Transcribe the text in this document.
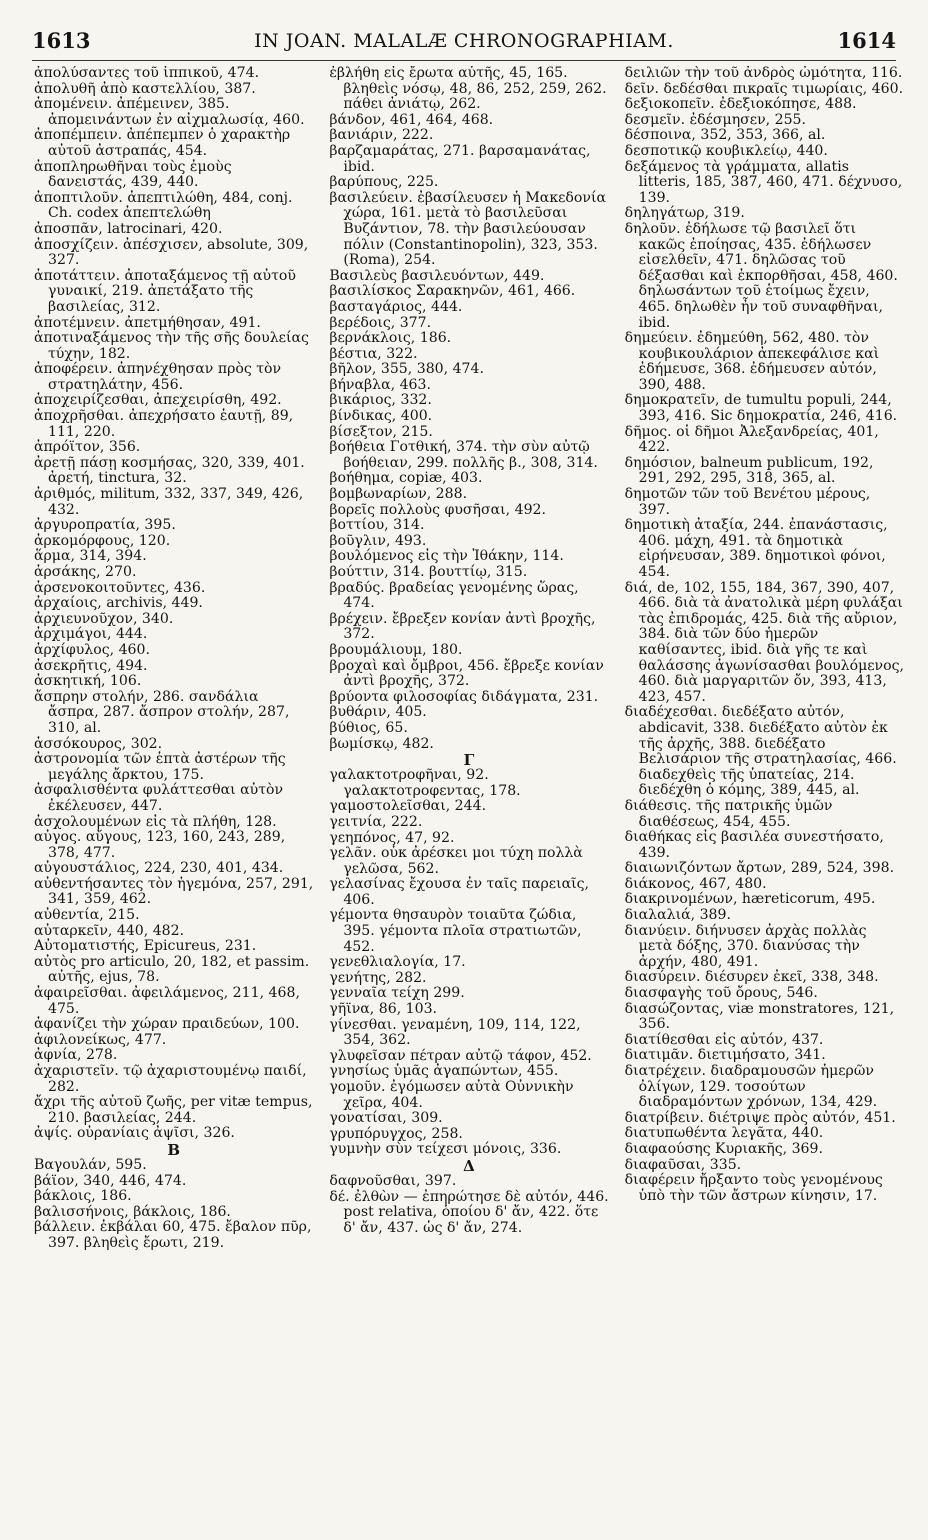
1613	IN JOAN. MALALÆ CHRONOGRAPHIAM.	1614
ἀπολύσαντες τοῦ ἱππικοῦ, 474.
ἀπολυθῆ ἀπὸ καστελλίου, 387.
ἀπομένειν. ἀπέμεινεν, 385. ἀπομεινάντων ἐν αἰχμαλωσίᾳ, 460.
ἀποπέμπειν. ἀπέπεμπεν ὁ χαρακτὴρ αὐτοῦ ἀστραπάς, 454.
ἀποπληρωθῆναι τοὺς ἐμοὺς δανειστάς, 439, 440.
ἀποπτιλοῦν. ἀπεπτιλώθη, 484, conj. Ch. codex ἀπεπτελώθη
ἀποσπᾶν, latrocinari, 420.
ἀποσχίζειν. ἀπέσχισεν, absolute, 309, 327.
ἀποτάττειν. ἀποταξάμενος τῇ αὐτοῦ γυναικί, 219. ἀπετάξατο τῆς βασιλείας, 312.
ἀποτέμνειν. ἀπετμήθησαν, 491.
ἀποτιναξάμενος τὴν τῆς σῆς δουλείας τύχην, 182.
ἀποφέρειν. ἀπηνέχθησαν πρὸς τὸν στρατηλάτην, 456.
ἀποχειρίζεσθαι, ἀπεχειρίσθη, 492.
ἀποχρῆσθαι. ἀπεχρήσατο ἑαυτῇ, 89, 111, 220.
ἀπρόϊτον, 356.
ἀρετῇ πάσῃ κοσμήσας, 320, 339, 401. ἀρετή, tinctura, 32.
ἀριθμός, militum, 332, 337, 349, 426, 432.
ἀργυροπρατία, 395.
ἀρκομόρφους, 120.
ἅρμα, 314, 394.
ἀρσάκης, 270.
ἀρσενοκοιτοῦντες, 436.
ἀρχαίοις, archivis, 449.
ἀρχιευνοῦχον, 340.
ἀρχιμάγοι, 444.
ἀρχίφυλος, 460.
ἀσεκρῆτις, 494.
ἀσκητική, 106.
ἄσπρην στολήν, 286. σανδάλια ἄσπρα, 287. ἄσπρον στολήν, 287, 310, al.
ἀσσόκουρος, 302.
ἀστρονομία τῶν ἑπτὰ ἀστέρων τῆς μεγάλης ἄρκτου, 175.
ἀσφαλισθέντα φυλάττεσθαι αὐτὸν ἐκέλευσεν, 447.
ἀσχολουμένων εἰς τὰ πλήθη, 128.
αὐγος. αὔγους, 123, 160, 243, 289, 378, 477.
αὐγουστάλιος, 224, 230, 401, 434.
αὐθεντήσαντες τὸν ἡγεμόνα, 257, 291, 341, 359, 462.
αὐθεντία, 215.
αὐταρκεῖν, 440, 482.
Αὐτοματιστής, Epicureus, 231.
αὐτὸς pro articulo, 20, 182, et passim. αὐτῆς, ejus, 78.
ἀφαιρεῖσθαι. ἀφειλάμενος, 211, 468, 475.
ἀφανίζει τὴν χώραν πραιδεύων, 100.
ἀφιλονείκως, 477.
ἀφνία, 278.
ἀχαριστεῖν. τῷ ἀχαριστουμένῳ παιδί, 282.
ἄχρι τῆς αὐτοῦ ζωῆς, per vitæ tempus, 210. βασιλείας, 244.
ἀψίς. οὐρανίαις ἀψῖσι, 326.
Β
Βαγουλάν, 595.
βάϊον, 340, 446, 474.
βάκλοις, 186.
βαλισσήνοις, βάκλοις, 186.
βάλλειν. ἐκβάλαι 60, 475. ἔβαλον πῦρ, 397. βληθεὶς ἔρωτι, 219.
ἐβλήθη εἰς ἔρωτα αὐτῆς, 45, 165. βληθεὶς νόσῳ, 48, 86, 252, 259, 262. πάθει ἀνιάτῳ, 262.
βάνδον, 461, 464, 468.
βανιάριν, 222.
βαρζαμαράτας, 271. βαρσαμανάτας, ibid.
βαρύπους, 225.
βασιλεύειν. ἐβασίλευσεν ἡ Μακεδονία χώρα, 161. μετὰ τὸ βασιλεῦσαι Βυζάντιον, 78. τὴν βασιλεύουσαν πόλιν (Constantinopolin), 323, 353. (Roma), 254.
Βασιλεὺς βασιλευόντων, 449.
βασιλίσκος Σαρακηνῶν, 461, 466.
βασταγάριος, 444.
βερέδοις, 377.
βερνάκλοις, 186.
βέστια, 322.
βῆλον, 355, 380, 474.
βήναβλα, 463.
βικάριος, 332.
βίνδικας, 400.
βίσεξτον, 215.
βοήθεια Γοτθική, 374. τὴν σὺν αὐτῷ βοήθειαν, 299. πολλῆς β., 308, 314.
βοήθημα, copiæ, 403.
βομβωναρίων, 288.
βορεῖς πολλοὺς φυσῆσαι, 492.
βοττίου, 314.
βοῦγλιν, 493.
βουλόμενος εἰς τὴν Ἰθάκην, 114.
βούττιν, 314. βουττίῳ, 315.
βραδύς. βραδείας γενομένης ὥρας, 474.
βρέχειν. ἔβρεξεν κονίαν ἀντὶ βροχῆς, 372.
βρουμάλιουμ, 180.
βροχαὶ καὶ ὄμβροι, 456. ἔβρεξε κονίαν ἀντὶ βροχῆς, 372.
βρύοντα φιλοσοφίας διδάγματα, 231.
βυθάριν, 405.
βύθιος, 65.
βωμίσκῳ, 482.
Γ
γαλακτοτροφῆναι, 92. γαλακτοτροφεντας, 178.
γαμοστολεῖσθαι, 244.
γειτνία, 222.
γεηπόνος, 47, 92.
γελᾶν. οὐκ ἀρέσκει μοι τύχη πολλὰ γελῶσα, 562.
γελασίνας ἔχουσα ἐν ταῖς παρειαῖς, 406.
γέμοντα θησαυρὸν τοιαῦτα ζώδια, 395. γέμοντα πλοῖα στρατιωτῶν, 452.
γενεθλιαλογία, 17.
γενήτης, 282.
γενναῖα τείχη 299.
γῆϊνα, 86, 103.
γίνεσθαι. γεναμένη, 109, 114, 122, 354, 362.
γλυφεῖσαν πέτραν αὐτῷ τάφον, 452.
γνησίως ὑμᾶς ἀγαπώντων, 455.
γομοῦν. ἐγόμωσεν αὐτὰ Οὐννικὴν χεῖρα, 404.
γονατίσαι, 309.
γρυπόρυγχος, 258.
γυμνὴν σὺν τείχεσι μόνοις, 336.
Δ
δαφνοῦσθαι, 397.
δέ. ἐλθὼν — ἐπηρώτησε δὲ αὐτόν, 446. post relativa, ὁποίου δ' ἄν, 422. ὅτε δ' ἄν, 437. ὡς δ' ἄν, 274.
δειλιῶν τὴν τοῦ ἀνδρὸς ὠμότητα, 116.
δεῖν. δεδέσθαι πικραῖς τιμωρίαις, 460.
δεξιοκοπεῖν. ἐδεξιοκόπησε, 488.
δεσμεῖν. ἐδέσμησεν, 255.
δέσποινα, 352, 353, 366, al.
δεσποτικῷ κουβικλείῳ, 440.
δεξάμενος τὰ γράμματα, allatis litteris, 185, 387, 460, 471. δέχνυσο, 139.
δηληγάτωρ, 319.
δηλοῦν. ἐδήλωσε τῷ βασιλεῖ ὅτι κακῶς ἐποίησας, 435. ἐδήλωσεν εἰσελθεῖν, 471. δηλῶσας τοῦ δέξασθαι καὶ ἐκπορθῆσαι, 458, 460. δηλωσάντων τοῦ ἑτοίμως ἔχειν, 465. δηλωθὲν ἦν τοῦ συναφθῆναι, ibid.
δημεύειν. ἐδημεύθη, 562, 480. τὸν κουβικουλάριον ἀπεκεφάλισε καὶ ἐδήμευσε, 368. ἐδήμευσεν αὐτόν, 390, 488.
δημοκρατεῖν, de tumultu populi, 244, 393, 416. Sic δημοκρατία, 246, 416.
δῆμος. οἱ δῆμοι Ἀλεξανδρείας, 401, 422.
δημόσιον, balneum publicum, 192, 291, 292, 295, 318, 365, al.
δημοτῶν τῶν τοῦ Βενέτου μέρους, 397.
δημοτικὴ ἀταξία, 244. ἐπανάστασις, 406. μάχη, 491. τὰ δημοτικὰ εἰρήνευσαν, 389. δημοτικοὶ φόνοι, 454.
διά, de, 102, 155, 184, 367, 390, 407, 466. διὰ τὰ ἀνατολικὰ μέρη φυλάξαι τὰς ἐπιδρομάς, 425. διὰ τῆς αὔριον, 384. διὰ τῶν δύο ἡμερῶν καθίσαντες, ibid. διὰ γῆς τε καὶ θαλάσσης ἀγωνίσασθαι βουλόμενος, 460. διὰ μαργαριτῶν ὄν, 393, 413, 423, 457.
διαδέχεσθαι. διεδέξατο αὐτόν, abdicavit, 338. διεδέξατο αὐτὸν ἐκ τῆς ἀρχῆς, 388. διεδέξατο Βελισάριον τῆς στρατηλασίας, 466. διαδεχθεὶς τῆς ὑπατείας, 214. διεδέχθη ὁ κόμης, 389, 445, al.
διάθεσις. τῆς πατρικῆς ὑμῶν διαθέσεως, 454, 455.
διαθήκας εἰς βασιλέα συνεστήσατο, 439.
διαιωνιζόντων ἄρτων, 289, 524, 398.
διάκονος, 467, 480.
διακρινομένων, hæreticorum, 495.
διαλαλιά, 389.
διανύειν. διήνυσεν ἀρχὰς πολλὰς μετὰ δόξης, 370. διανύσας τὴν ἀρχήν, 480, 491.
διασύρειν. διέσυρεν ἐκεῖ, 338, 348.
διασφαγὴς τοῦ ὄρους, 546.
διασώζοντας, viæ monstratores, 121, 356.
διατίθεσθαι εἰς αὐτόν, 437.
διατιμᾶν. διετιμήσατο, 341.
διατρέχειν. διαδραμουσῶν ἡμερῶν ὀλίγων, 129. τοσούτων διαδραμόντων χρόνων, 134, 429.
διατρίβειν. διέτριψε πρὸς αὐτόν, 451.
διατυπωθέντα λεγᾶτα, 440.
διαφαούσης Κυριακῆς, 369.
διαφαῦσαι, 335.
διαφέρειν ἤρξαντο τοὺς γενομένους ὑπὸ τὴν τῶν ἄστρων κίνησιν, 17.
